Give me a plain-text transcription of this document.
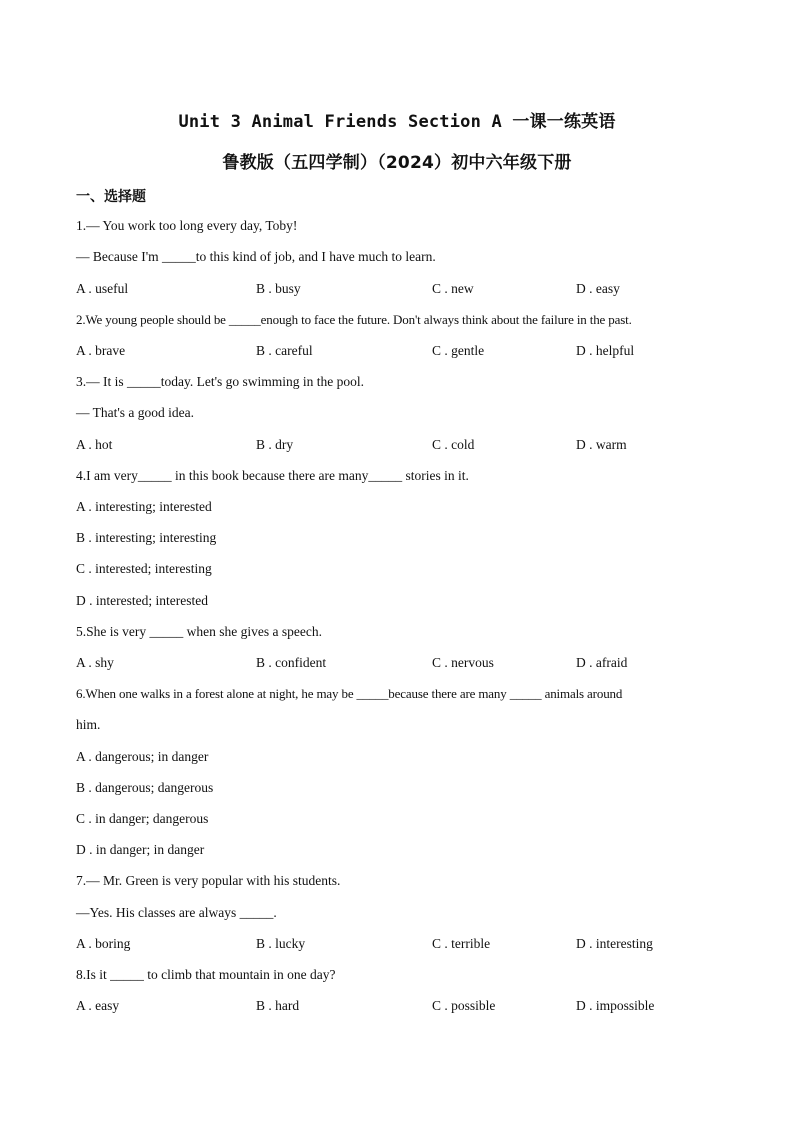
Unit 3 Animal Friends Section A 一课一练英语
鲁教版（五四学制）（2024）初中六年级下册
一、选择题
1.— You work too long every day, Toby!
— Because I'm _____to this kind of job, and I have much to learn.
A . useful	B . busy	C . new	D . easy
2.We young people should be _____enough to face the future. Don't always think about the failure in the past.
A . brave	B . careful	C . gentle	D . helpful
3.— It is _____today. Let's go swimming in the pool.
— That's a good idea.
A . hot	B . dry	C . cold	D . warm
4.I am very_____ in this book because there are many_____ stories in it.
A . interesting; interested
B . interesting; interesting
C . interested; interesting
D . interested; interested
5.She is very _____ when she gives a speech.
A . shy	B . confident	C . nervous	D . afraid
6.When one walks in a forest alone at night, he may be _____because there are many _____ animals around
him.
A . dangerous; in danger
B . dangerous; dangerous
C . in danger; dangerous
D . in danger; in danger
7.— Mr. Green is very popular with his students.
—Yes. His classes are always _____.
A . boring	B . lucky	C . terrible	D . interesting
8.Is it _____ to climb that mountain in one day?
A . easy	B . hard	C . possible	D . impossible
